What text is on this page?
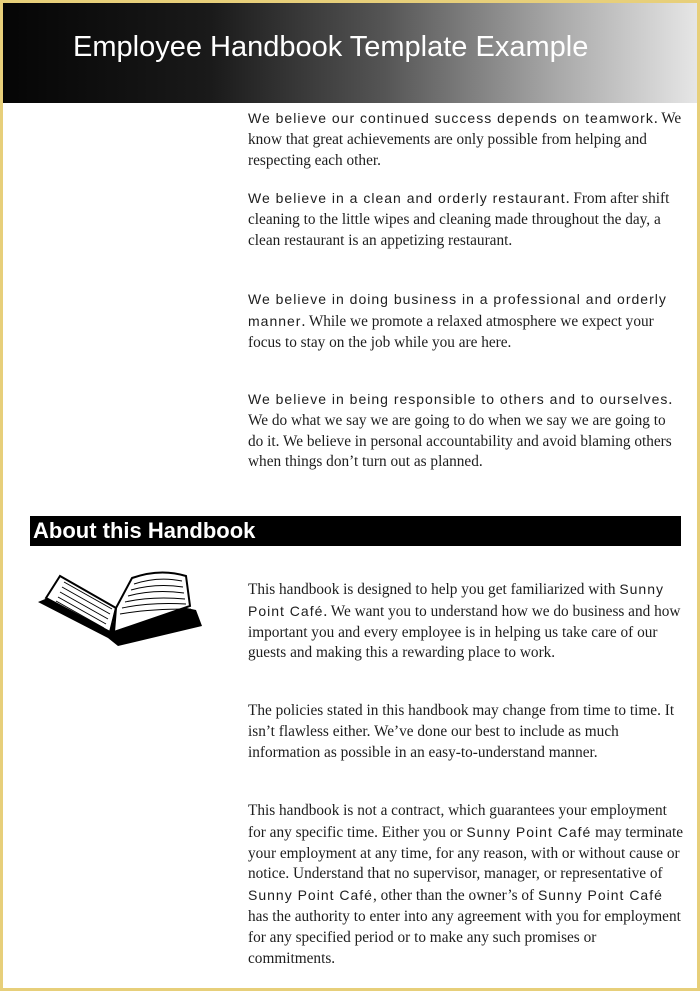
Employee Handbook Template Example

We believe our continued success depends on teamwork. We know that great achievements are only possible from helping and respecting each other.

We believe in a clean and orderly restaurant. From after shift cleaning to the little wipes and cleaning made throughout the day, a clean restaurant is an appetizing restaurant.

We believe in doing business in a professional and orderly manner. While we promote a relaxed atmosphere we expect your focus to stay on the job while you are here.

We believe in being responsible to others and to ourselves. We do what we say we are going to do when we say we are going to do it. We believe in personal accountability and avoid blaming others when things don’t turn out as planned.

About this Handbook

This handbook is designed to help you get familiarized with Sunny Point Café. We want you to understand how we do business and how important you and every employee is in helping us take care of our guests and making this a rewarding place to work.

The policies stated in this handbook may change from time to time. It isn’t flawless either. We’ve done our best to include as much information as possible in an easy-to-understand manner.

This handbook is not a contract, which guarantees your employment for any specific time. Either you or Sunny Point Café may terminate your employment at any time, for any reason, with or without cause or notice. Understand that no supervisor, manager, or representative of Sunny Point Café, other than the owner’s of Sunny Point Café has the authority to enter into any agreement with you for employment for any specified period or to make any such promises or commitments.
